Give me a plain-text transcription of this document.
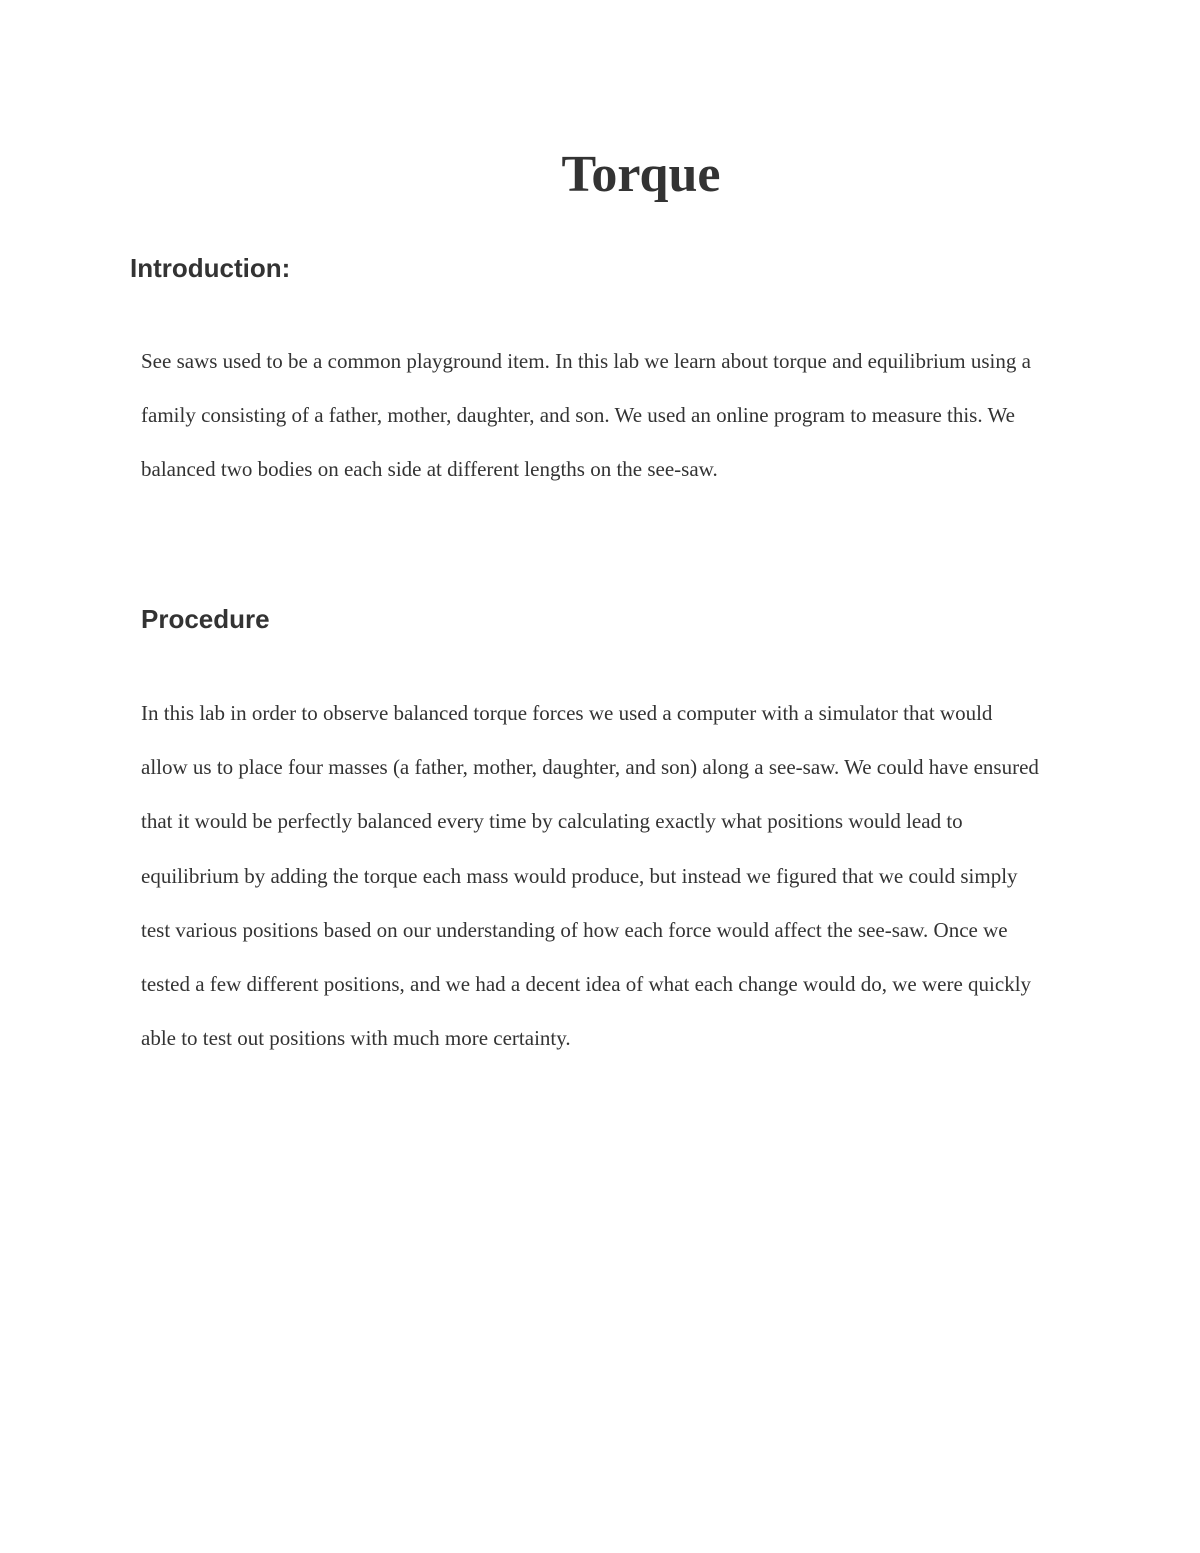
Torque
Introduction:

See saws used to be a common playground item. In this lab we learn about torque and equilibrium using a family consisting of a father, mother, daughter, and son. We used an online program to measure this. We balanced two bodies on each side at different lengths on the see-saw.

Procedure

In this lab in order to observe balanced torque forces we used a computer with a simulator that would allow us to place four masses (a father, mother, daughter, and son) along a see-saw. We could have ensured that it would be perfectly balanced every time by calculating exactly what positions would lead to equilibrium by adding the torque each mass would produce, but instead we figured that we could simply test various positions based on our understanding of how each force would affect the see-saw. Once we tested a few different positions, and we had a decent idea of what each change would do, we were quickly able to test out positions with much more certainty.
